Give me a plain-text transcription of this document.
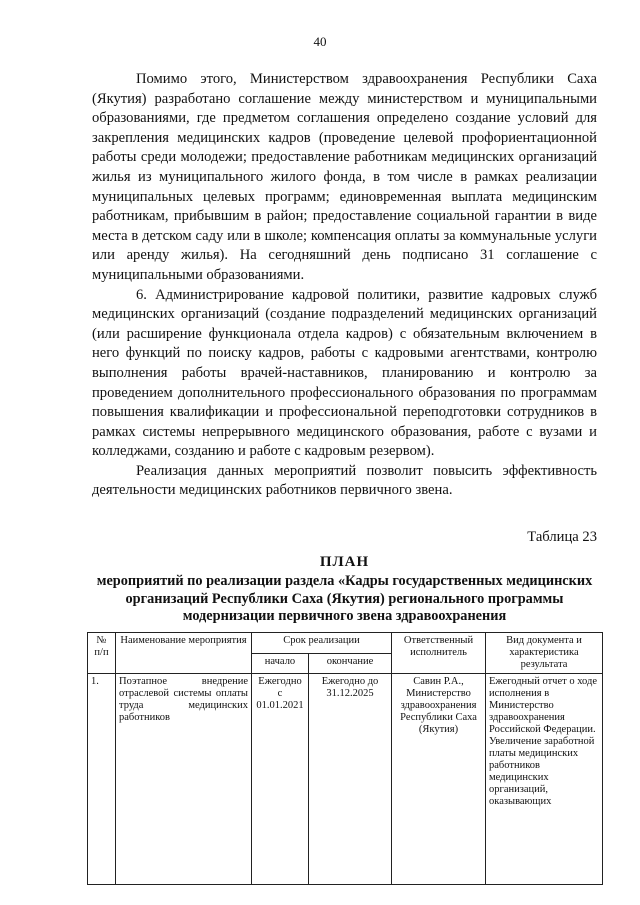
40

Помимо этого, Министерством здравоохранения Республики Саха (Якутия) разработано соглашение между министерством и муниципальными образованиями, где предметом соглашения определено создание условий для закрепления медицинских кадров (проведение целевой профориентационной работы среди молодежи; предоставление работникам медицинских организаций жилья из муниципального жилого фонда, в том числе в рамках реализации муниципальных целевых программ; единовременная выплата медицинским работникам, прибывшим в район; предоставление социальной гарантии в виде места в детском саду или в школе; компенсация оплаты за коммунальные услуги или аренду жилья). На сегодняшний день подписано 31 соглашение с муниципальными образованиями.

6. Администрирование кадровой политики, развитие кадровых служб медицинских организаций (создание подразделений медицинских организаций (или расширение функционала отдела кадров) с обязательным включением в него функций по поиску кадров, работы с кадровыми агентствами, контролю выполнения работы врачей-наставников, планированию и контролю за проведением дополнительного профессионального образования по программам повышения квалификации и профессиональной переподготовки сотрудников в рамках системы непрерывного медицинского образования, работе с вузами и колледжами, созданию и работе с кадровым резервом).

Реализация данных мероприятий позволит повысить эффективность деятельности медицинских работников первичного звена.

Таблица 23
ПЛАН
мероприятий по реализации раздела «Кадры государственных медицинских организаций Республики Саха (Якутия) регионального программы модернизации первичного звена здравоохранения
№ п/п	Наименование мероприятия	Срок реализации		Ответственный исполнитель	Вид документа и характеристика результата
		начало	окончание		
1.	Поэтапное внедрение отраслевой системы оплаты труда медицинских работников	Ежегодно с 01.01.2021	Ежегодно до 31.12.2025	Савин Р.А., Министерство здравоохранения Республики Саха (Якутия)	Ежегодный отчет о ходе исполнения в Министерство здравоохранения Российской Федерации. Увеличение заработной платы медицинских работников медицинских организаций, оказывающих
